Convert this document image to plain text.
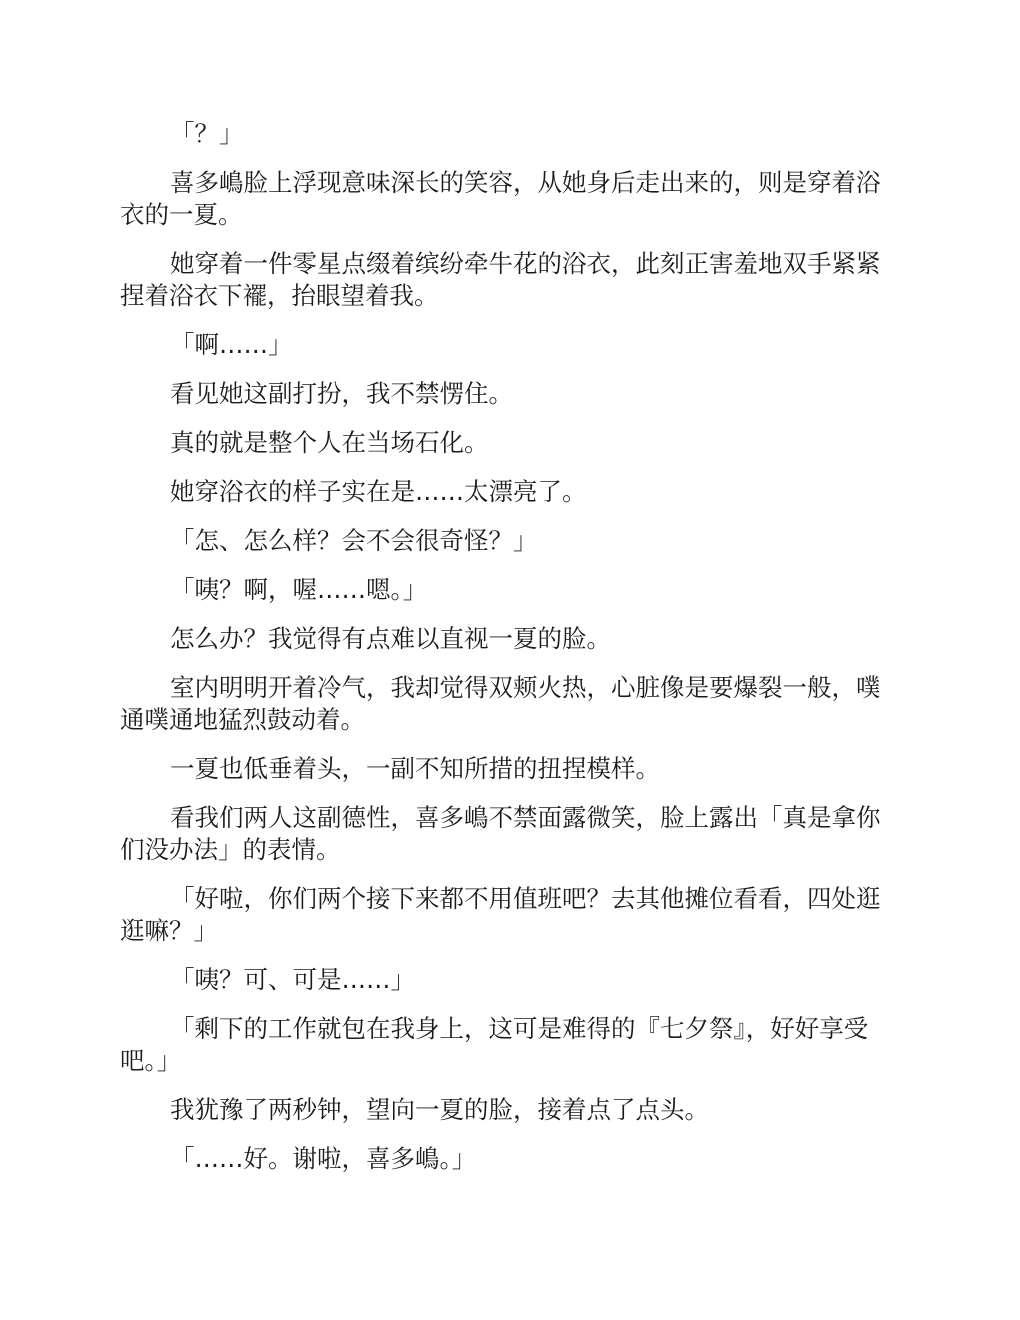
「？」

喜多嶋脸上浮现意味深长的笑容，从她身后走出来的，则是穿着浴衣的一夏。

她穿着一件零星点缀着缤纷牵牛花的浴衣，此刻正害羞地双手紧紧捏着浴衣下襬，抬眼望着我。

「啊……」

看见她这副打扮，我不禁愣住。

真的就是整个人在当场石化。

她穿浴衣的样子实在是……太漂亮了。

「怎、怎么样？会不会很奇怪？」

「咦？啊，喔……嗯。」

怎么办？我觉得有点难以直视一夏的脸。

室内明明开着冷气，我却觉得双颊火热，心脏像是要爆裂一般，噗通噗通地猛烈鼓动着。

一夏也低垂着头，一副不知所措的扭捏模样。

看我们两人这副德性，喜多嶋不禁面露微笑，脸上露出「真是拿你们没办法」的表情。

「好啦，你们两个接下来都不用值班吧？去其他摊位看看，四处逛逛嘛？」

「咦？可、可是……」

「剩下的工作就包在我身上，这可是难得的『七夕祭』，好好享受吧。」

我犹豫了两秒钟，望向一夏的脸，接着点了点头。

「……好。谢啦，喜多嶋。」
